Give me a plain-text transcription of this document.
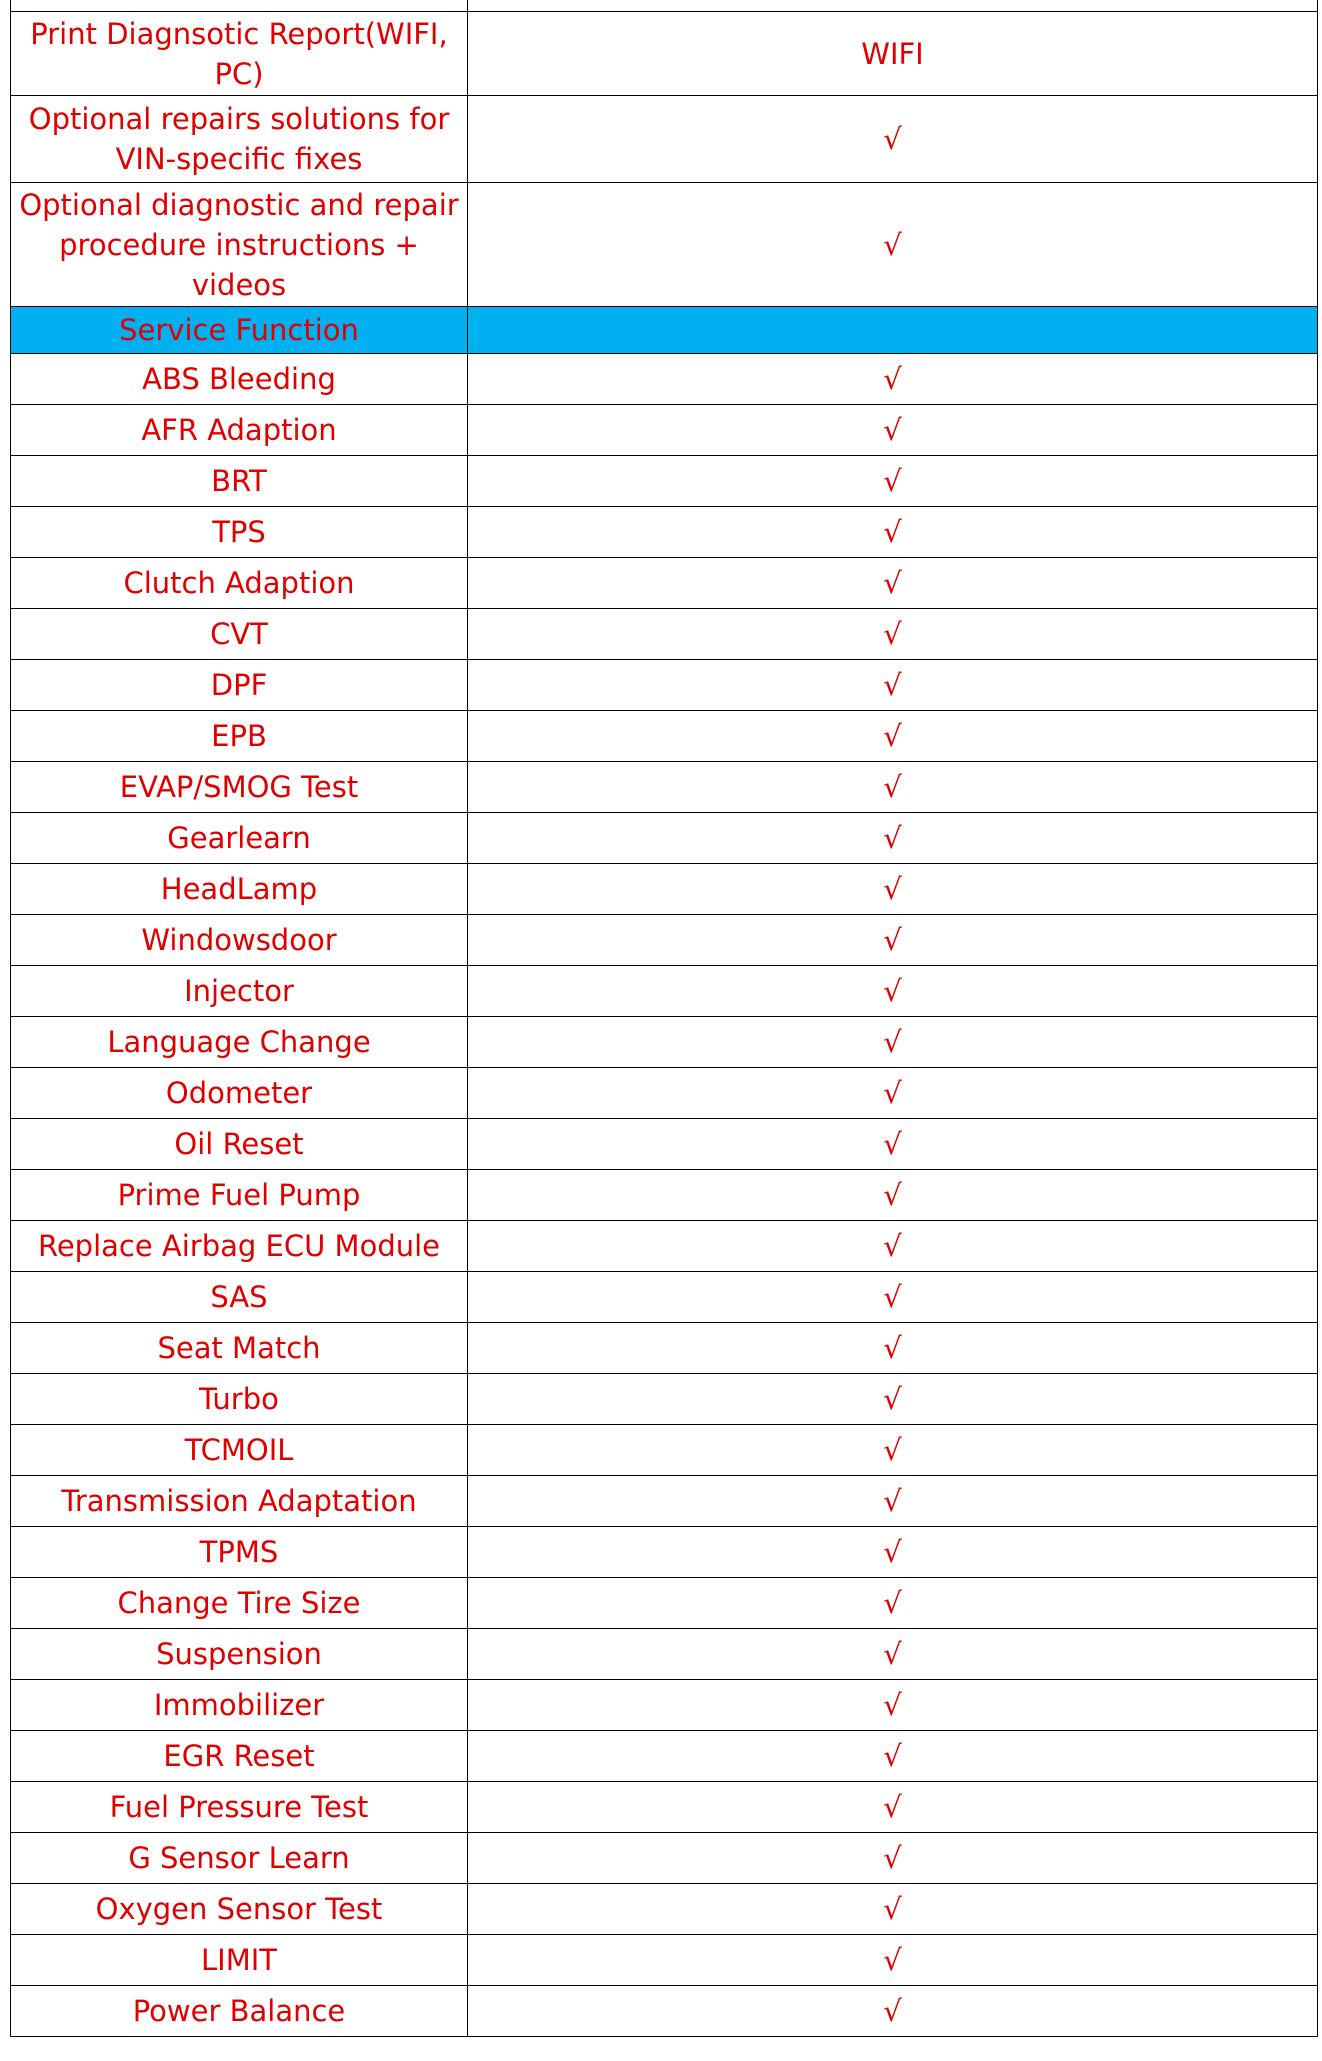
Print Diagnsotic Report(WIFI, PC)	WIFI
Optional repairs solutions for VIN-specific fixes	√
Optional diagnostic and repair procedure instructions + videos	√
Service Function	
ABS Bleeding	√
AFR Adaption	√
BRT	√
TPS	√
Clutch Adaption	√
CVT	√
DPF	√
EPB	√
EVAP/SMOG Test	√
Gearlearn	√
HeadLamp	√
Windowsdoor	√
Injector	√
Language Change	√
Odometer	√
Oil Reset	√
Prime Fuel Pump	√
Replace Airbag ECU Module	√
SAS	√
Seat Match	√
Turbo	√
TCMOIL	√
Transmission Adaptation	√
TPMS	√
Change Tire Size	√
Suspension	√
Immobilizer	√
EGR Reset	√
Fuel Pressure Test	√
G Sensor Learn	√
Oxygen Sensor Test	√
LIMIT	√
Power Balance	√
